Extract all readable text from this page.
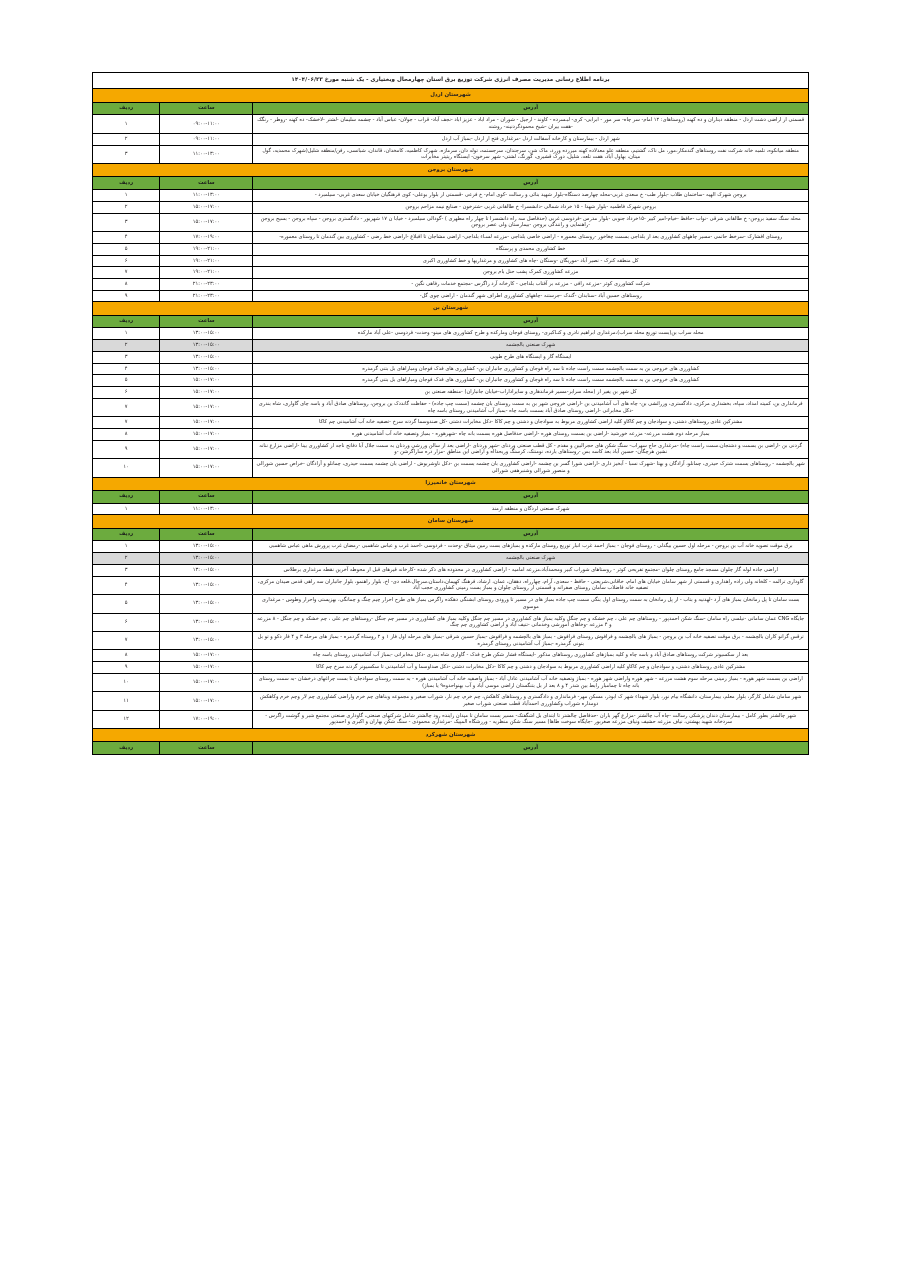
برنامه اطلاع رسانی مدیریت مصرف انرژی شرکت توزیع برق استان چهارمحال وبختیاری - یک شنبه مورخ ۱۴۰۴/۰۶/۲۳		
شهرستان اردل		
آدرس	ساعت	ردیف
قسمتی از اراضی دشت اردل - منطقه دیناران و ده کهنه (روستاهای: ۱۲ امام- سر چاه- سر مور - ابرابی- کری- لبـسرده - کاوند - ارجیل - شوران - مراد اباد - عزیز اباد -نجف آباد- قراب - جولان- عباس آباد - چشمه سلیمان -لشتر -لاخشک- ده کهنه -زوطر - رنگک -هفت بیران -شیخ محمودگردنینه- روشنه	۰۹:۰۰-۱۱:۰۰	۱
شهر اردل - بیمارستان و کارخانه آسفالت اردل -مرغداری فتح از اردل -بمباژ آب اردل	۰۹:۰۰-۱۱:۰۰	۲
منطقه میانکوه، تلمبه خانه شرکت نفت روستاهای گندمکار،مور، مل ناک، گشتیم، منطقه علو معدلاده کهنه میرزده وزرد، ماک شن، سرجندان، سرجستمه، توله دان، سرماژه، شهرک کاظمیه، کامخدان، قاندان، شبانسی، رفن/منطقه شلیل(شهرک محمدیه، گول میتان، بهاول آباد، هفت تلعه، شلیل، دورک قشیری، گوزنگ، لشتی- شهر سرخون- ایستگاه ریتیتر مخابرات	۱۱:۰۰-۱۳:۰۰	۳
شهرستان بروجن		
آدرس	ساعت	ردیف
بروجن شهرک الهیه -ساختمان طلاب -بلوار طب- خ سعدی غربی-محله چهارصد دستگاه-بلوار شهید بنائی و رسالت -کوی امام- خ فرعی -قسمتی از بلوار بوعلی- کوی فرهنگیان خیابان سعدی غربی- سیلمبرد -	۱۱:۰۰-۱۳:۰۰	۱
بروجن شهرک فاطمیه -بلوار شهدا - ۱۵ خرداد شمالی -دانشسرا- خ طالقانی غربی -شترخون - صنایع نیمه مزاحم بروجن	۱۵:۰۰-۱۷:۰۰	۲
محله سنگ سفید بروجن- خ طالقانی شرقی -نواب -حافظ -خیام-امیر کبیر -۱۵خرداد جنوبی -بلوار مدرس -فردوسی غربی (حدفاصل سه راه دانشسرا تا چهار راه مطهری ) -گودالی سیلمبرد - خیابا ن ۱۷ شهریور - دادگستری بروجن - سپاه بروجن - بسیج بروجن -راهنمایی و رانندگی بروجن -بیمارستان ولی عصر بروجن	۱۵:۰۰-۱۷:۰۰	۳
روستای افشارک -سرخط حاتمی -مسیر چاههای کشاورزی بعد از بلداجی بسمت چغاخور -روستای معموره - اراضی خاصی بلداجی -مزرعه لسـاء بلداجی- اراضی مشاجان تا افبلاغ -اراضی خط رضی - کشاورزی بین گندمان تا روستای معموره-	۱۷:۰۰-۱۹:۰۰	۴
خط کشاورزی محمدی و پرستگاه	۱۹:۰۰-۲۱:۰۰	۵
کل منطقه کنرک - نصیر آباد -موریگان -وستگان -چاه های کشاورزی و مرغداریها و خط کشاورزی اکبری	۱۹:۰۰-۲۱:۰۰	۶
مزرعه کشاورزی کمرک پشب حنل بام بروجن	۱۹:۰۰-۲۱:۰۰	۷
شرکت کشاورزی کوثر -مزرعه زافی - مزرعه بر آفتاب بلداجی - کارخانه آرد زاگرس -مجتمع خدمات رفاهی نگین -	۲۱:۰۰-۲۳:۰۰	۸
روستاهای حسین آباد -سنابدان -گندک -جرستنه -چاههای کشاورزی اطراف شهر گندمان - اراضی چوی گل-	۲۱:۰۰-۲۳:۰۰	۹
شهرستان بن		
آدرس	ساعت	ردیف
محله سراب بن(بست توزیع محله سراب)،مرغداری ابراهیم نادری و کنـاکبری- روستای فوجان ومارکده و طرح کشاورزی های مینو- وحدت- فردوسی -علی آباد مارکده	۱۳:۰۰-۱۵:۰۰	۱
شهرک صنعتی بالجشمه	۱۳:۰۰-۱۵:۰۰	۲
ایستگاه گاز و ایستگاه های طرح طوبی	۱۳:۰۰-۱۵:۰۰	۳
کشاورزی های خروجی بن به سمت بالچشمه سمت راست جاده تا سه راه فوجان و کشاورزی جانباران بن- کشاورزی های فدک فوجان ومبازاهای بل بتنی گرمدره	۱۳:۰۰-۱۵:۰۰	۴
کشاورزی های خروجی بن به سمت بالچشمه سمت راست جاده تا سه راه فوجان و کشاورزی جانباران بن- کشاورزی های فدک فوجان ومبازاهای بل بتنی گرمدره	۱۵:۰۰-۱۷:۰۰	۵
کل شهر بن یفیر از (محله سرابر-مسیر فرماندهاری و سایراداراب-خیابان جانباران) -منطقه صنعتی بن	۱۵:۰۰-۱۷:۰۰	۶
فرمانداری بن، کمیته امداد، سپاه، بخشداری مرکزی، دادگستری، وزرائشی بن- چاه های آب آشامیدنی بن -اراضی خروجی شهر بن به سمت روستای بان چشمه (سمت چپ جاده) - حفاظت گانددک بن بروجن، روستاهای صادق آباد و باسه چای گاواری، شاه بندری -دکل مخابراتی -اراضی روستای صادق آباد بسمت باسه چاه -بمباژ آب آشامیدنی روستای باسه چاه	۱۵:۰۰-۱۷:۰۰	۷
مشترکین عادی روستاهای دشتی، و سوادجان و چم کاکاو کلیه اراضی کشاورزی مربوط به سوادجان و دشتی و چم کاکا -دکل مخابرات دشتی -کل صندوسما گردنه سرخ -تصفیه خانه آب آشامیدنی چم کاکا	۱۵:۰۰-۱۷:۰۰	۷
بمباژ مرحله دوم هشت مرزعه- مزرعه خورشید -اراضی بن بسمت روستای هوره -اراضی حدفاصل هوره بسمت بانه چاه -شهرهوره - بمباژ وتصفیه خانه آب آشامیدنی هوره	۱۵:۰۰-۱۷:۰۰	۸
گردنی بن -اراضی بن بسمت و دشتجان،سمت راست چاه) -مرغداری حاج سهراب- سنگ شکن های حجرالبین و مفدم - کل قطب صنعتی وردنای -شهر وردنای -اراضی بعد از سالن ورزشی وردنان به سمت جلال آبا دفاتح ناجه از کشاورزی بینا -اراضی مزارع ننانه نشین هرچگان- حسین آباد بعد کاسه بس -روستاهای بازده، نومنتک، کرسنگ وریحدااه و اراضی این مناطق -مزار دره ساراگرشن -و	۱۵:۰۰-۱۷:۰۰	۹
شهر بالچشمه - روستاهای بسمت شترک حیدری، چمانلو، آزادگان و بهتا -شهرک نسبا - آبخیز داری -اراضی شورا گسر بن چشمه -اراضی کشاورزی بان چشمه بسمت بن -دکل ناوشربوش - اراضی بان چشمه بسمت حیدری، چمانلو و آزادگان -خراص حسین شورالی و منصور شورالی وشنبرهفی شورالی	۱۵:۰۰-۱۷:۰۰	۱۰
شهرستان خانمیرزا		
آدرس	ساعت	ردیف
شهرک صنعتی لردگان و منطقه ارمند	۱۱:۰۰-۱۳:۰۰	۱
شهرستان سامان		
آدرس	ساعت	ردیف
برق موقت تصویه خانه آب بن بروجن - مرحله اول حسین بیگدلی - روستای فوجان - بمباژ احمد غرب انبار توزیع روستای مارکده و بمباژهای بست زمین میثاق -وحدت - فردوسی -احمد غرب و عباس شاهمبی -رمضان غرب پرورش ماهی عباس شاهمبی	۱۳:۰۰-۱۵:۰۰	۱
شهرک صنعتی بالچشمه	۱۳:۰۰-۱۵:۰۰	۲
اراضی جاده لوله گاز چلوان مسجد جامع روستای چلوان -مجتمع تفریحی کوثر - روستاهای شوراب کبیر ومحمدآباد،مزرعه امامیه - اراضی کشاورزی در محدوده های ذکر شده -کارخانه قیرهای قبل از محوطه آخرین نقطه مرغداری برطلاس	۱۳:۰۰-۱۵:۰۰	۳
گاوداری ترالمه - کلخانه ولی زاده راهداری و قسمتی از شهر سامان خیابان های امام، خاقانی،شریعتی - حافظ - سعدی، آرام، چهارراه، دهقان، عمان، ارشاد، فرهنگ کهیمان،داستان،سرچال،قلعه دی- اخ، بلوار راهنمو، بلوار جانباران سه راهی قدس صیدان مرکزی، تصفیه خانه فاضلاب سامان روستای صفرانه و قسمتی از روستای چلوان و بمباژ بست زمینی کشاورزی حجب آباد	۱۳:۰۰-۱۵:۰۰	۴
بست سامان تا پل زمانخان بمباژ های آرد -لهدنیه و بتاب - از پل زمانخان به سمت روستای اول بنگی سمت چپ جاده بمباژ های در مسیر تا ورودی روستای ابشنگی دهکده زاگرس بمباژ های طرح احرار چیم چنگ و چمانگی، بهزیستی واحرار وطوس - مرغداری موسوی	۱۳:۰۰-۱۵:۰۰	۵
جایگاه CNG عمان سامانی -نیلسی راه سامان -سنگ شکن احمدپور - روستاهای چم علی ، چم خشکه و چم جنگل وکلیه بمباژ های کشاورزی در مسیر چم جنگل وکلیه بمباژ های کشاورزی در مسیر چم جنگل -روستاهای چم علی ، چم خشکه و چم جنگل - ۸ مزرعه و ۴ مزرعه -وخاهای آموزشی وخدماتی -تنیف آباد و اراضی کشاورزی چم چنگ	۱۳:۰۰-۱۵:۰۰	۶
ترقس گرانو کاران بالچشمه - برق موقت تصفیه خانه آب بن بروجن - بمباژ های بالچشمه و فرافوش روستای فرافوش - بمباژ های بالچشمه و فرافوش -بمباژ حسین شرقی -بمباژ های مرحله اول فاز ۱ و ۲ روستاه گردمره - بمباژ های مرحله ۳ و ۴ فاز دکو و تو بل بتونی گرمدره -بمباژ آب آشامیدنی روستای گرمدره	۱۳:۰۰-۱۵:۰۰	۷
بعد از سکسیونر شرکت روستاهای صادق آباد و باسه چاه و کلیه بمباژهای کشاورزی روستاهای مذکور -ایستگاه فشار شکن طرح فدک - گاواری شاه بندری -دکل مخابراتی -بمباژ آب آشامیدنی روستای باسه چاه	۱۵:۰۰-۱۷:۰۰	۸
مشترکین عادی روستاهای دشتی، و سوادجان و چم کاکاو کلیه اراضی کشاورزی مربوط به سوادجان و دشتی و چم کاکا -دکل مخابرات دشتی -دکل صداوسما و آب آشامیدنی تا سکسیونر گردنه سرخ چم کاکا	۱۵:۰۰-۱۷:۰۰	۹
اراضی بن بسمت شهر هوره - بمباژ زمینی مرحله سوم هشت مرزعه - شهر هوره واراضی شهر هوره - بمباژ وتصفیه خانه آب آشامیدنی عادل آباد - بمباژ واصفیه خانه آب آشامیدنی هوره - به سمت روستای سوادجان تا بست چراغهای درخشان -به سمت روستای بانه چاه تا چمامباز رابط بین شدر ۴ و ۸ بعد از بل بتنگستان اراضی موسی آباد و آب بهنواحدوه۹ یا بمباژ)	۱۵:۰۰-۱۷:۰۰	۱۰
شهر سامان شامل کارگر، بلوار معلم، بیمارستان، دانشگاه بیام نور، بلوار شهداء شهر ک ابوذر، مسکن مهر- فرمانداری و دادگستری و روستاهای کاهکش، چم خرم، چم نار، شوراب صغیر و مجموعه وبناهای چم خرم واراضی کشاورزی چم لار وچم خرم وکاهکش دومداره شوراب وکشاورزی احمدآباد قطب صنعتی شوراب صغیر	۱۵:۰۰-۱۷:۰۰	۱۱
شهر چالشتر بطور کامل - بیمارستان دندان پزشکی رسالت -چاه آب چالشتر -مزارع گهر باران -حدفاصل چالشتر تا ابتدای بل اشگفتک- مسیر بست سامان تا میدان زاینده رود چالشتر شامل شرکتهای صنعتی، گاوداری صنعتی مجتمع شبر و گوشت زاگرس - سردخانه شهید بهشتی، نیاف مزرعه حشیف ونیاف مزرعه صغربور -جایگاه سوخت طاها) مسیر سنگ شکن منظریه - ورزشگاه المپیک -مرغداری محمودی - سنگ شکن بهاران و اکبری و احمدپور	۱۷:۰۰-۱۹:۰۰	۱۲
شهرستان شهرکرد		
آدرس	ساعت	ردیف
